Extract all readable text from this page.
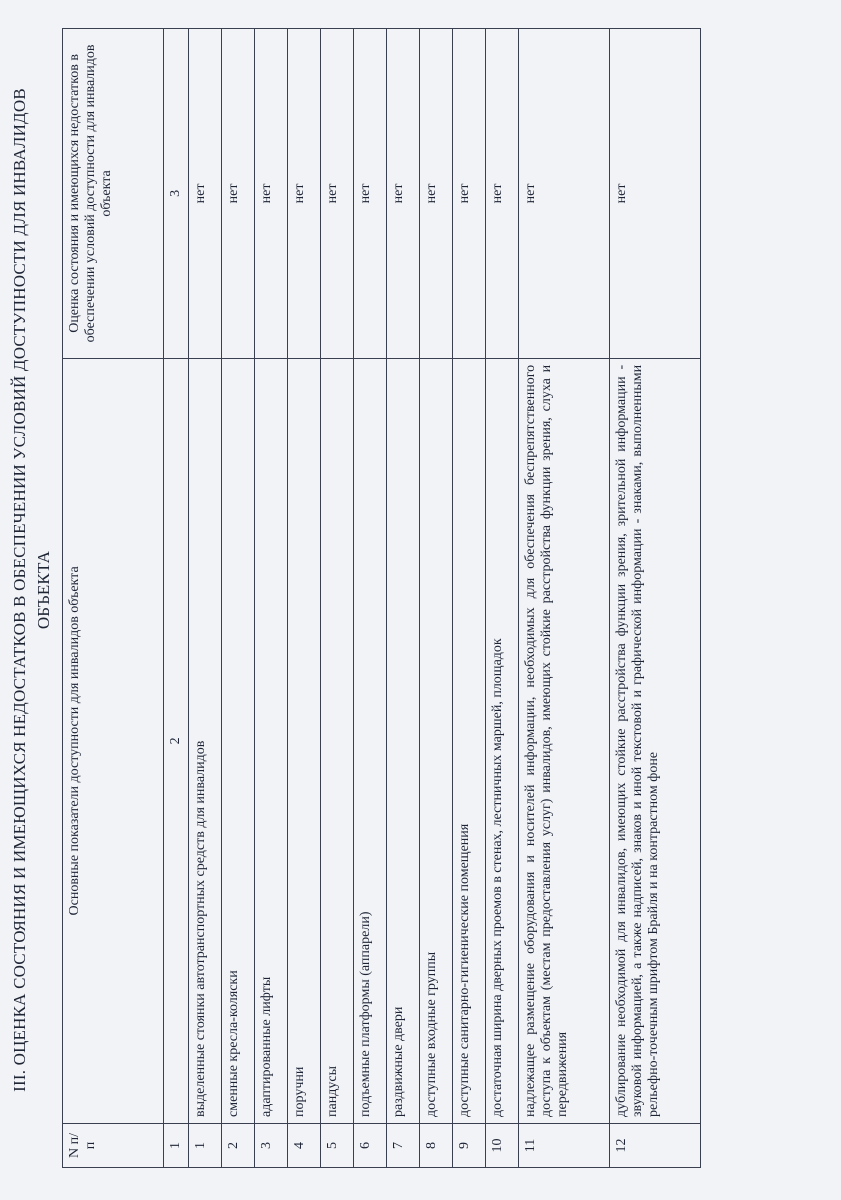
III. ОЦЕНКА СОСТОЯНИЯ И ИМЕЮЩИХСЯ НЕДОСТАТКОВ В ОБЕСПЕЧЕНИИ УСЛОВИЙ ДОСТУПНОСТИ ДЛЯ ИНВАЛИДОВ ОБЪЕКТА
N п/п	Основные показатели доступности для инвалидов объекта	Оценка состояния и имеющихся недостатков в обеспечении условий доступности для инвалидов объекта
1	2	3
1	выделенные стоянки автотранспортных средств для инвалидов	нет
2	сменные кресла-коляски	нет
3	адаптированные лифты	нет
4	поручни	нет
5	пандусы	нет
6	подъемные платформы (аппарели)	нет
7	раздвижные двери	нет
8	доступные входные группы	нет
9	доступные санитарно-гигиенические помещения	нет
10	достаточная ширина дверных проемов в стенах, лестничных маршей, площадок	нет
11	надлежащее размещение оборудования и носителей информации, необходимых для обеспечения беспрепятственного доступа к объектам (местам предоставления услуг) инвалидов, имеющих стойкие расстройства функции зрения, слуха и передвижения	нет
12	дублирование необходимой для инвалидов, имеющих стойкие расстройства функции зрения, зрительной информации - звуковой информацией, а также надписей, знаков и иной текстовой и графической информации - знаками, выполненными рельефно-точечным шрифтом Брайля и на контрастном фоне	нет
